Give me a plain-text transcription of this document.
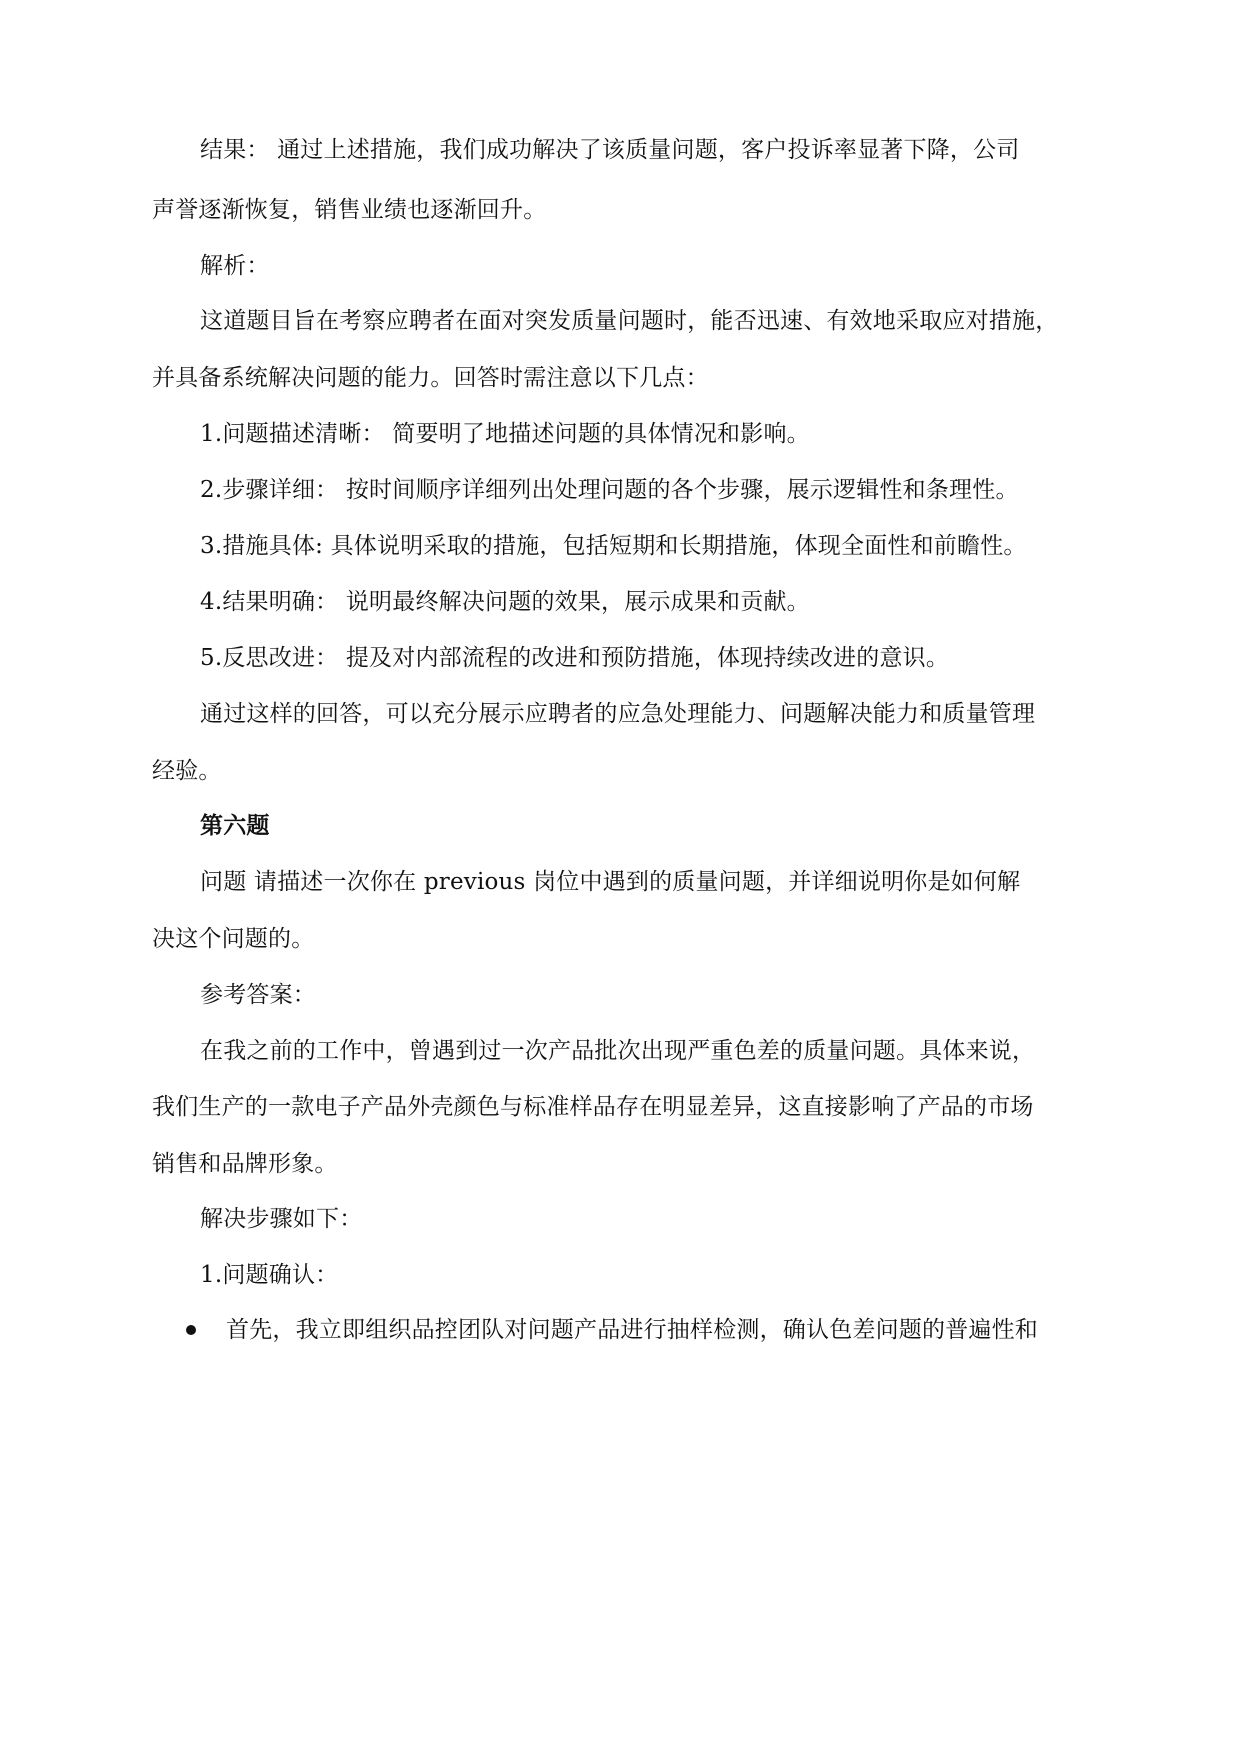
结果： 通过上述措施，我们成功解决了该质量问题，客户投诉率显著下降，公司
声誉逐渐恢复，销售业绩也逐渐回升。
解析：
这道题目旨在考察应聘者在面对突发质量问题时，能否迅速、有效地采取应对措施，
并具备系统解决问题的能力。回答时需注意以下几点：
1.问题描述清晰： 简要明了地描述问题的具体情况和影响。
2.步骤详细： 按时间顺序详细列出处理问题的各个步骤，展示逻辑性和条理性。
3.措施具体: 具体说明采取的措施，包括短期和长期措施，体现全面性和前瞻性。
4.结果明确： 说明最终解决问题的效果，展示成果和贡献。
5.反思改进： 提及对内部流程的改进和预防措施，体现持续改进的意识。
通过这样的回答，可以充分展示应聘者的应急处理能力、问题解决能力和质量管理
经验。
第六题
问题 请描述一次你在 previous 岗位中遇到的质量问题，并详细说明你是如何解
决这个问题的。
参考答案：
在我之前的工作中，曾遇到过一次产品批次出现严重色差的质量问题。具体来说，
我们生产的一款电子产品外壳颜色与标准样品存在明显差异，这直接影响了产品的市场
销售和品牌形象。
解决步骤如下：
1.问题确认：
首先，我立即组织品控团队对问题产品进行抽样检测，确认色差问题的普遍性和
